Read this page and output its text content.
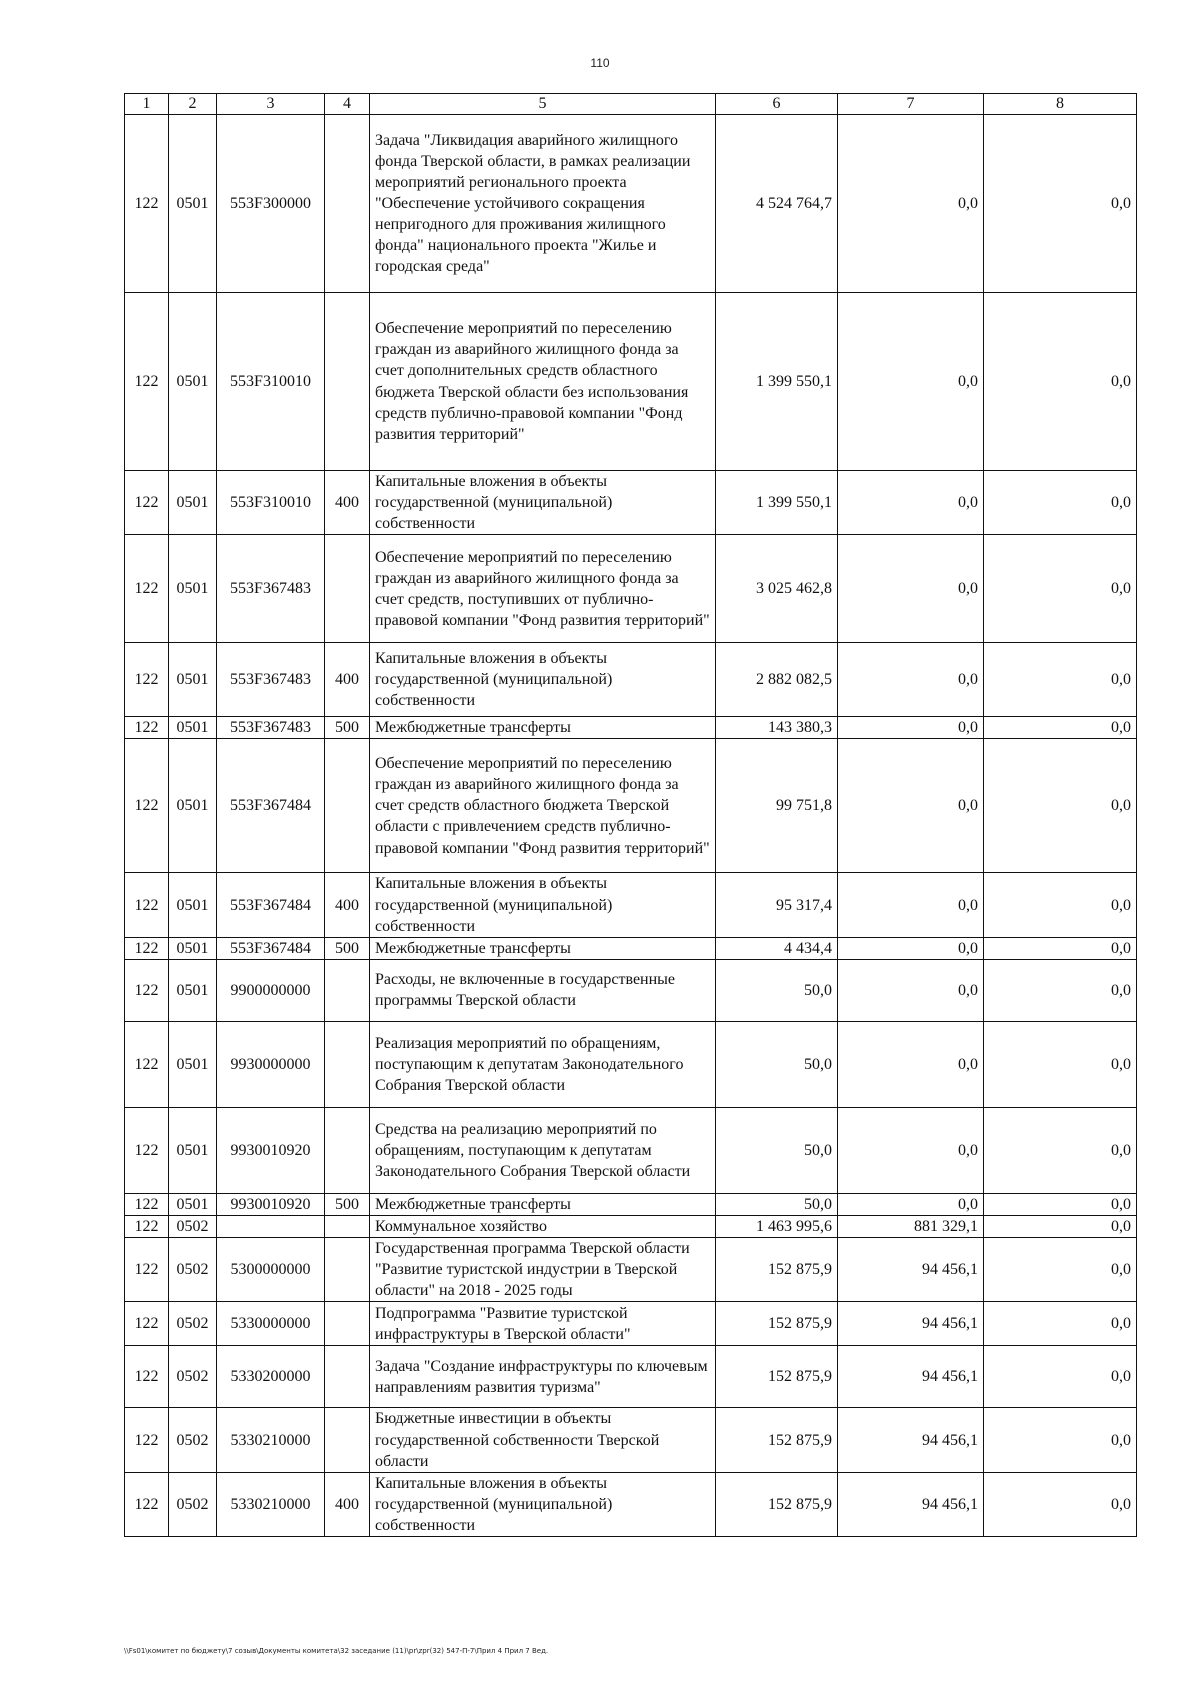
110
1	2	3	4	5	6	7	8
122	0501	553F300000		Задача "Ликвидация аварийного жилищного фонда Тверской области, в рамках реализации мероприятий регионального проекта "Обеспечение устойчивого сокращения непригодного для проживания жилищного фонда" национального проекта "Жилье и городская среда"	4 524 764,7	0,0	0,0
122	0501	553F310010		Обеспечение мероприятий по переселению граждан из аварийного жилищного фонда за счет дополнительных средств областного бюджета Тверской области без использования средств публично-правовой компании "Фонд развития территорий"	1 399 550,1	0,0	0,0
122	0501	553F310010	400	Капитальные вложения в объекты государственной (муниципальной) собственности	1 399 550,1	0,0	0,0
122	0501	553F367483		Обеспечение мероприятий по переселению граждан из аварийного жилищного фонда за счет средств, поступивших от публично-правовой компании "Фонд развития территорий"	3 025 462,8	0,0	0,0
122	0501	553F367483	400	Капитальные вложения в объекты государственной (муниципальной) собственности	2 882 082,5	0,0	0,0
122	0501	553F367483	500	Межбюджетные трансферты	143 380,3	0,0	0,0
122	0501	553F367484		Обеспечение мероприятий по переселению граждан из аварийного жилищного фонда за счет средств областного бюджета Тверской области с привлечением средств публично-правовой компании "Фонд развития территорий"	99 751,8	0,0	0,0
122	0501	553F367484	400	Капитальные вложения в объекты государственной (муниципальной) собственности	95 317,4	0,0	0,0
122	0501	553F367484	500	Межбюджетные трансферты	4 434,4	0,0	0,0
122	0501	9900000000		Расходы, не включенные в государственные программы Тверской области	50,0	0,0	0,0
122	0501	9930000000		Реализация мероприятий по обращениям, поступающим к депутатам Законодательного Собрания Тверской области	50,0	0,0	0,0
122	0501	9930010920		Средства на реализацию мероприятий по обращениям, поступающим к депутатам Законодательного Собрания Тверской области	50,0	0,0	0,0
122	0501	9930010920	500	Межбюджетные трансферты	50,0	0,0	0,0
122	0502			Коммунальное хозяйство	1 463 995,6	881 329,1	0,0
122	0502	5300000000		Государственная программа Тверской области "Развитие туристской индустрии в Тверской области" на 2018 - 2025 годы	152 875,9	94 456,1	0,0
122	0502	5330000000		Подпрограмма "Развитие туристской инфраструктуры в Тверской области"	152 875,9	94 456,1	0,0
122	0502	5330200000		Задача "Создание инфраструктуры по ключевым направлениям развития туризма"	152 875,9	94 456,1	0,0
122	0502	5330210000		Бюджетные инвестиции в объекты государственной собственности Тверской области	152 875,9	94 456,1	0,0
122	0502	5330210000	400	Капитальные вложения в объекты государственной (муниципальной) собственности	152 875,9	94 456,1	0,0
\\Fs01\комитет по бюджету\7 созыв\Документы комитета\32 заседание (11)\pr\zpr(32) 547-П-7\Прил 4 Прил 7 Вед.
